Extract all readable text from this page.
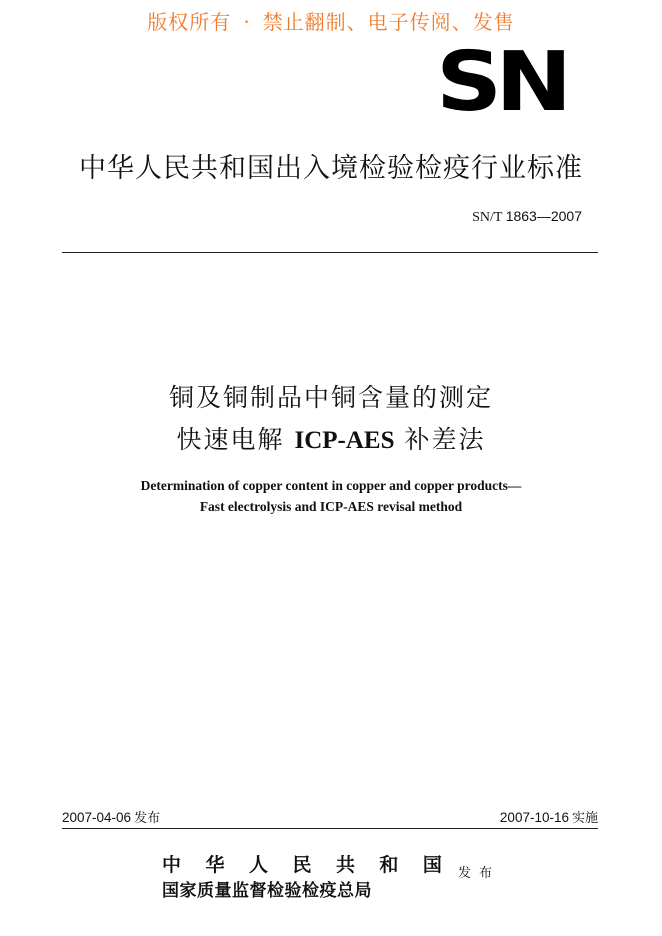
版权所有 · 禁止翻制、电子传阅、发售
SN
中华人民共和国出入境检验检疫行业标准
SN/T 1863—2007
铜及铜制品中铜含量的测定
快速电解 ICP-AES 补差法
Determination of copper content in copper and copper products—
Fast electrolysis and ICP-AES revisal method
2007-04-06 发布	2007-10-16 实施
中 华 人 民 共 和 国
国家质量监督检验检疫总局
发布
